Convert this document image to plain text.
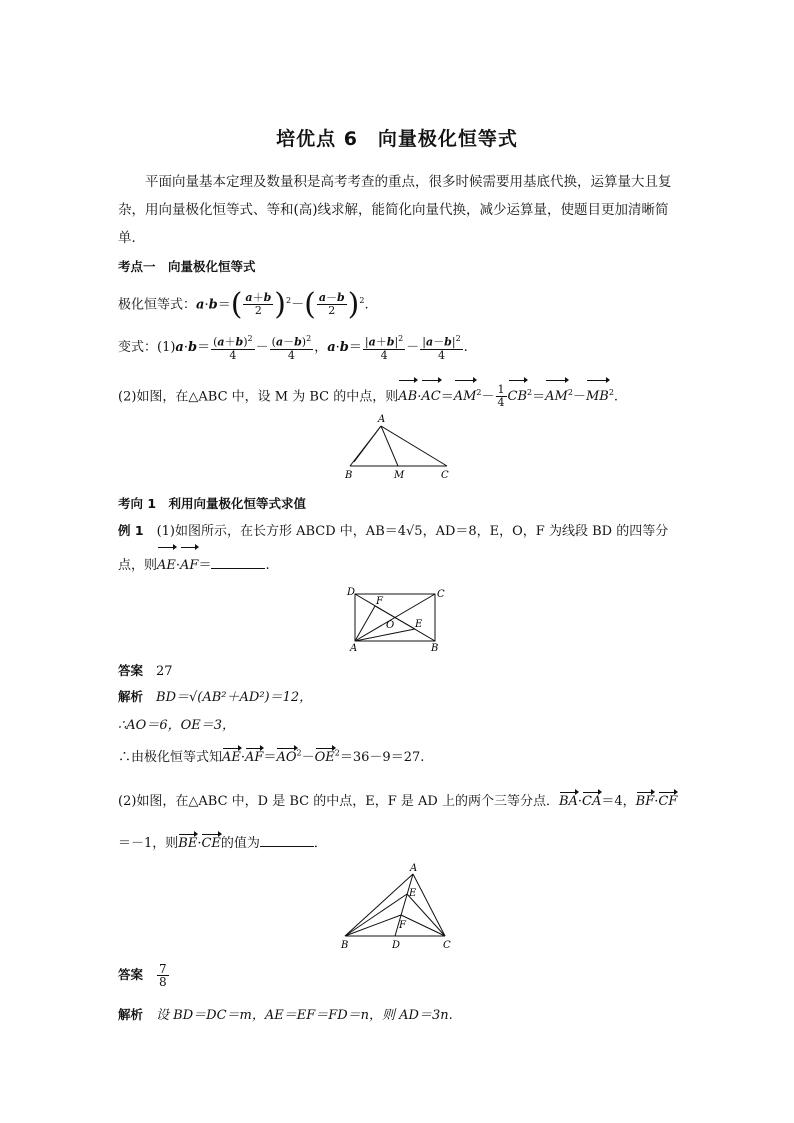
培优点 6　向量极化恒等式
平面向量基本定理及数量积是高考考查的重点，很多时候需要用基底代换，运算量大且复杂，用向量极化恒等式、等和(高)线求解，能简化向量代换，减少运算量，使题目更加清晰简单．
考点一　向量极化恒等式
极化恒等式：$a\cdot b=( \frac{a+b}{2} )^2-( \frac{a-b}{2} )^2$.
变式：$(1)a\cdot b= \frac{(a+b)^2}{4} - \frac{(a-b)^2}{4}$ ，$a\cdot b= \frac{|a+b|^2}{4} - \frac{|a-b|^2}{4}$ .
(2)如图，在△ABC 中，设 M 为 BC 的中点，则$AB\cdot AC=AM^2- \frac{1}{4} CB^2=AM^2-MB^2$.
A
B	M	C
考向 1　利用向量极化恒等式求值
例 1　 (1)如图所示，在长方形 ABCD 中，AB＝4√5，AD＝8，E，O，F 为线段 BD 的四等分点，则AE·AF＝	.
D	C
F
O E
A	B
答案　 27
解析　 BD＝√(AB²＋AD²)＝12，
∴AO＝6，OE＝3，
∴由极化恒等式知$AE\cdot AF=AO^2-OE^2=36-9=27$.
(2)如图，在△ABC 中，D 是 BC 的中点，E，F 是 AD 上的两个三等分点．BA·CA＝4，BF·CF
＝－1，则BE·CE的值为	．
A
E
F
B	D	C
答案　 $\frac{7}{8}$
解析　 设 BD＝DC＝m，AE＝EF＝FD＝n，则 AD＝3n.
